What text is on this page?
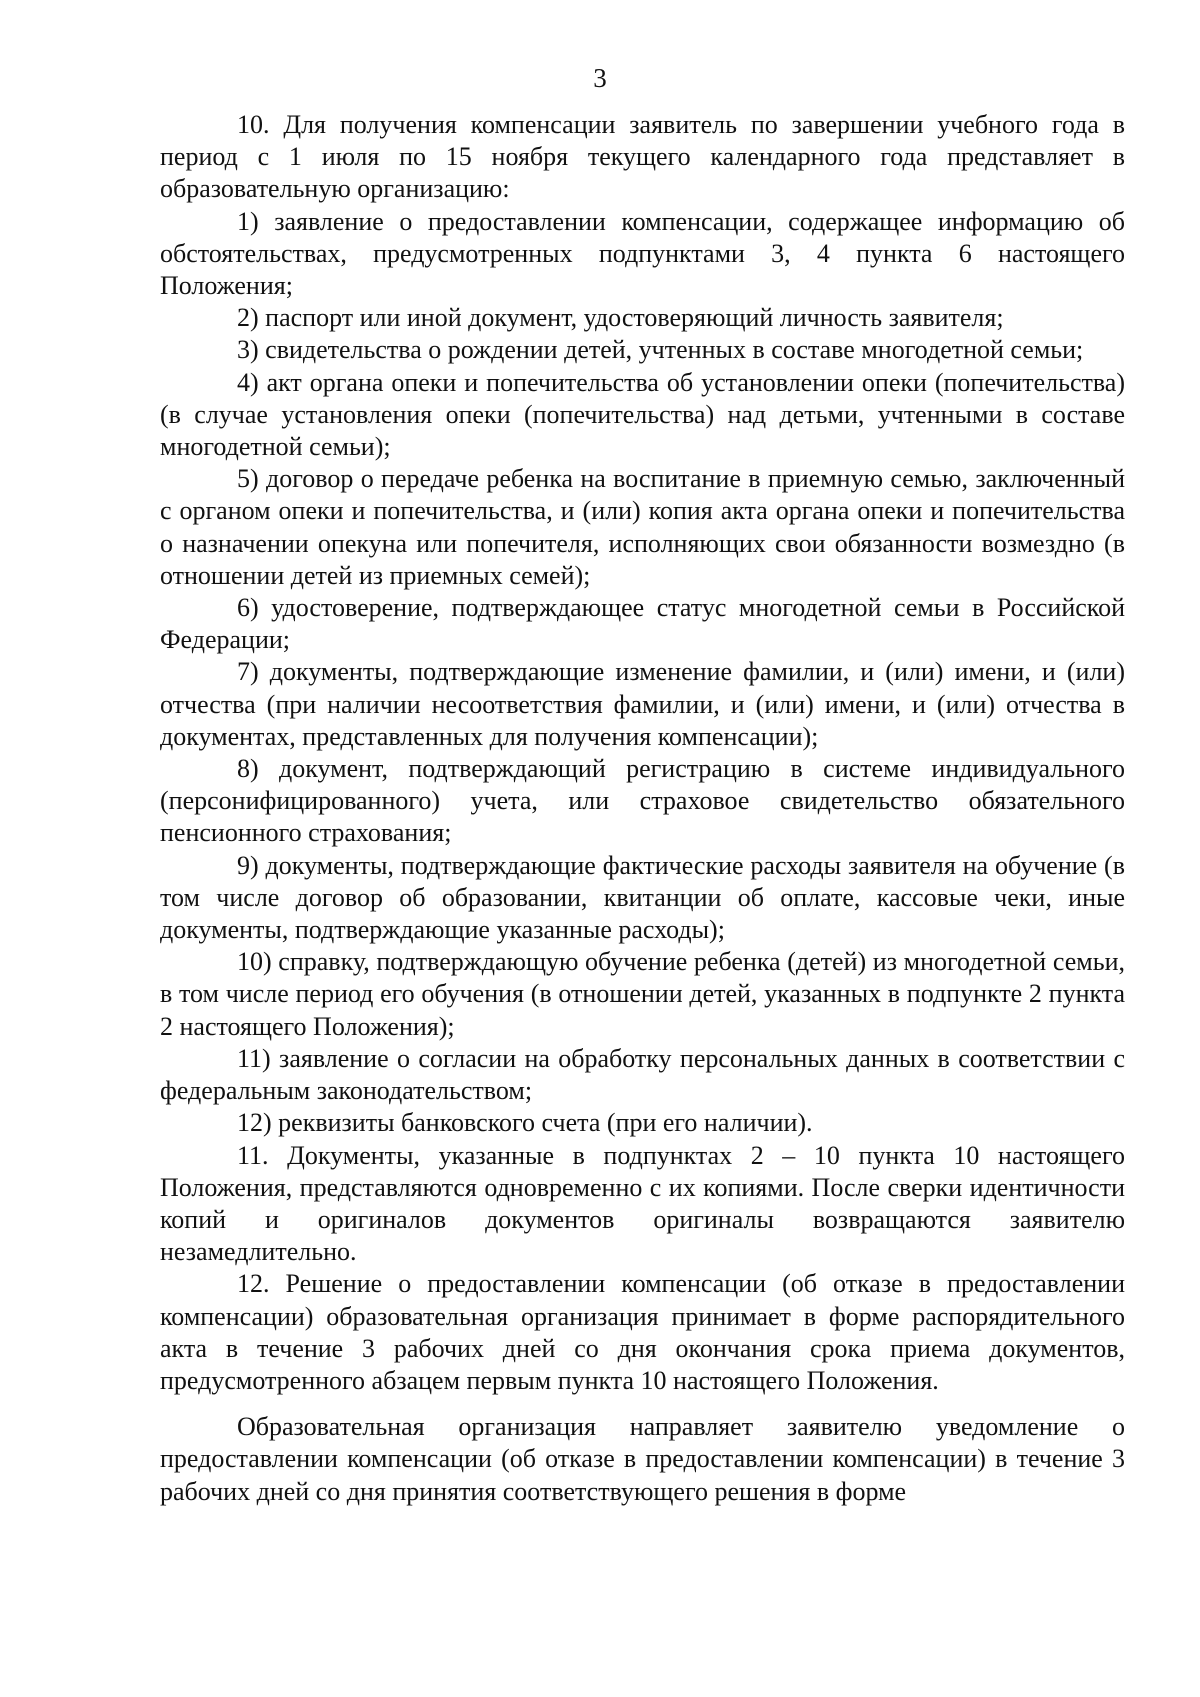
3

10. Для получения компенсации заявитель по завершении учебного года в период с 1 июля по 15 ноября текущего календарного года представляет в образовательную организацию:

1) заявление о предоставлении компенсации, содержащее информацию об обстоятельствах, предусмотренных подпунктами 3, 4 пункта 6 настоящего Положения;

2) паспорт или иной документ, удостоверяющий личность заявителя;

3) свидетельства о рождении детей, учтенных в составе многодетной семьи;

4) акт органа опеки и попечительства об установлении опеки (попечительства) (в случае установления опеки (попечительства) над детьми, учтенными в составе многодетной семьи);

5) договор о передаче ребенка на воспитание в приемную семью, заключенный с органом опеки и попечительства, и (или) копия акта органа опеки и попечительства о назначении опекуна или попечителя, исполняющих свои обязанности возмездно (в отношении детей из приемных семей);

6) удостоверение, подтверждающее статус многодетной семьи в Российской Федерации;

7) документы, подтверждающие изменение фамилии, и (или) имени, и (или) отчества (при наличии несоответствия фамилии, и (или) имени, и (или) отчества в документах, представленных для получения компенсации);

8) документ, подтверждающий регистрацию в системе индивидуального (персонифицированного) учета, или страховое свидетельство обязательного пенсионного страхования;

9) документы, подтверждающие фактические расходы заявителя на обучение (в том числе договор об образовании, квитанции об оплате, кассовые чеки, иные документы, подтверждающие указанные расходы);

10) справку, подтверждающую обучение ребенка (детей) из многодетной семьи, в том числе период его обучения (в отношении детей, указанных в подпункте 2 пункта 2 настоящего Положения);

11) заявление о согласии на обработку персональных данных в соответствии с федеральным законодательством;

12) реквизиты банковского счета (при его наличии).

11. Документы, указанные в подпунктах 2 – 10 пункта 10 настоящего Положения, представляются одновременно с их копиями. После сверки идентичности копий и оригиналов документов оригиналы возвращаются заявителю незамедлительно.

12. Решение о предоставлении компенсации (об отказе в предоставлении компенсации) образовательная организация принимает в форме распорядительного акта в течение 3 рабочих дней со дня окончания срока приема документов, предусмотренного абзацем первым пункта 10 настоящего Положения.

Образовательная организация направляет заявителю уведомление о предоставлении компенсации (об отказе в предоставлении компенсации) в течение 3 рабочих дней со дня принятия соответствующего решения в форме
